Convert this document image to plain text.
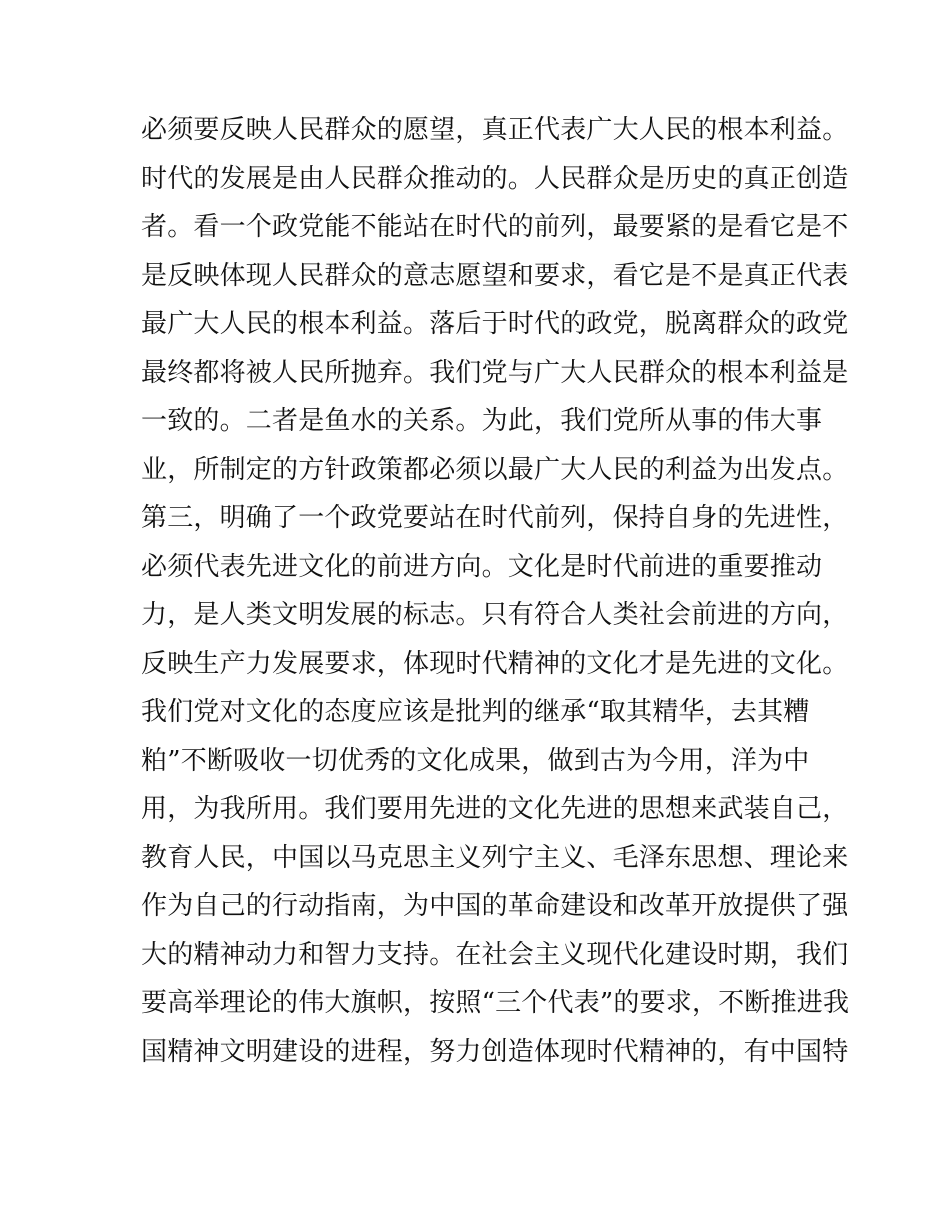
必须要反映人民群众的愿望，真正代表广大人民的根本利益。
时代的发展是由人民群众推动的。人民群众是历史的真正创造
者。看一个政党能不能站在时代的前列，最要紧的是看它是不
是反映体现人民群众的意志愿望和要求，看它是不是真正代表
最广大人民的根本利益。落后于时代的政党，脱离群众的政党
最终都将被人民所抛弃。我们党与广大人民群众的根本利益是
一致的。二者是鱼水的关系。为此，我们党所从事的伟大事
业，所制定的方针政策都必须以最广大人民的利益为出发点。
第三，明确了一个政党要站在时代前列，保持自身的先进性，
必须代表先进文化的前进方向。文化是时代前进的重要推动
力，是人类文明发展的标志。只有符合人类社会前进的方向，
反映生产力发展要求，体现时代精神的文化才是先进的文化。
我们党对文化的态度应该是批判的继承“取其精华，去其糟
粕”不断吸收一切优秀的文化成果，做到古为今用，洋为中
用，为我所用。我们要用先进的文化先进的思想来武装自己，
教育人民，中国以马克思主义列宁主义、毛泽东思想、理论来
作为自己的行动指南，为中国的革命建设和改革开放提供了强
大的精神动力和智力支持。在社会主义现代化建设时期，我们
要高举理论的伟大旗帜，按照“三个代表”的要求，不断推进我
国精神文明建设的进程，努力创造体现时代精神的，有中国特
